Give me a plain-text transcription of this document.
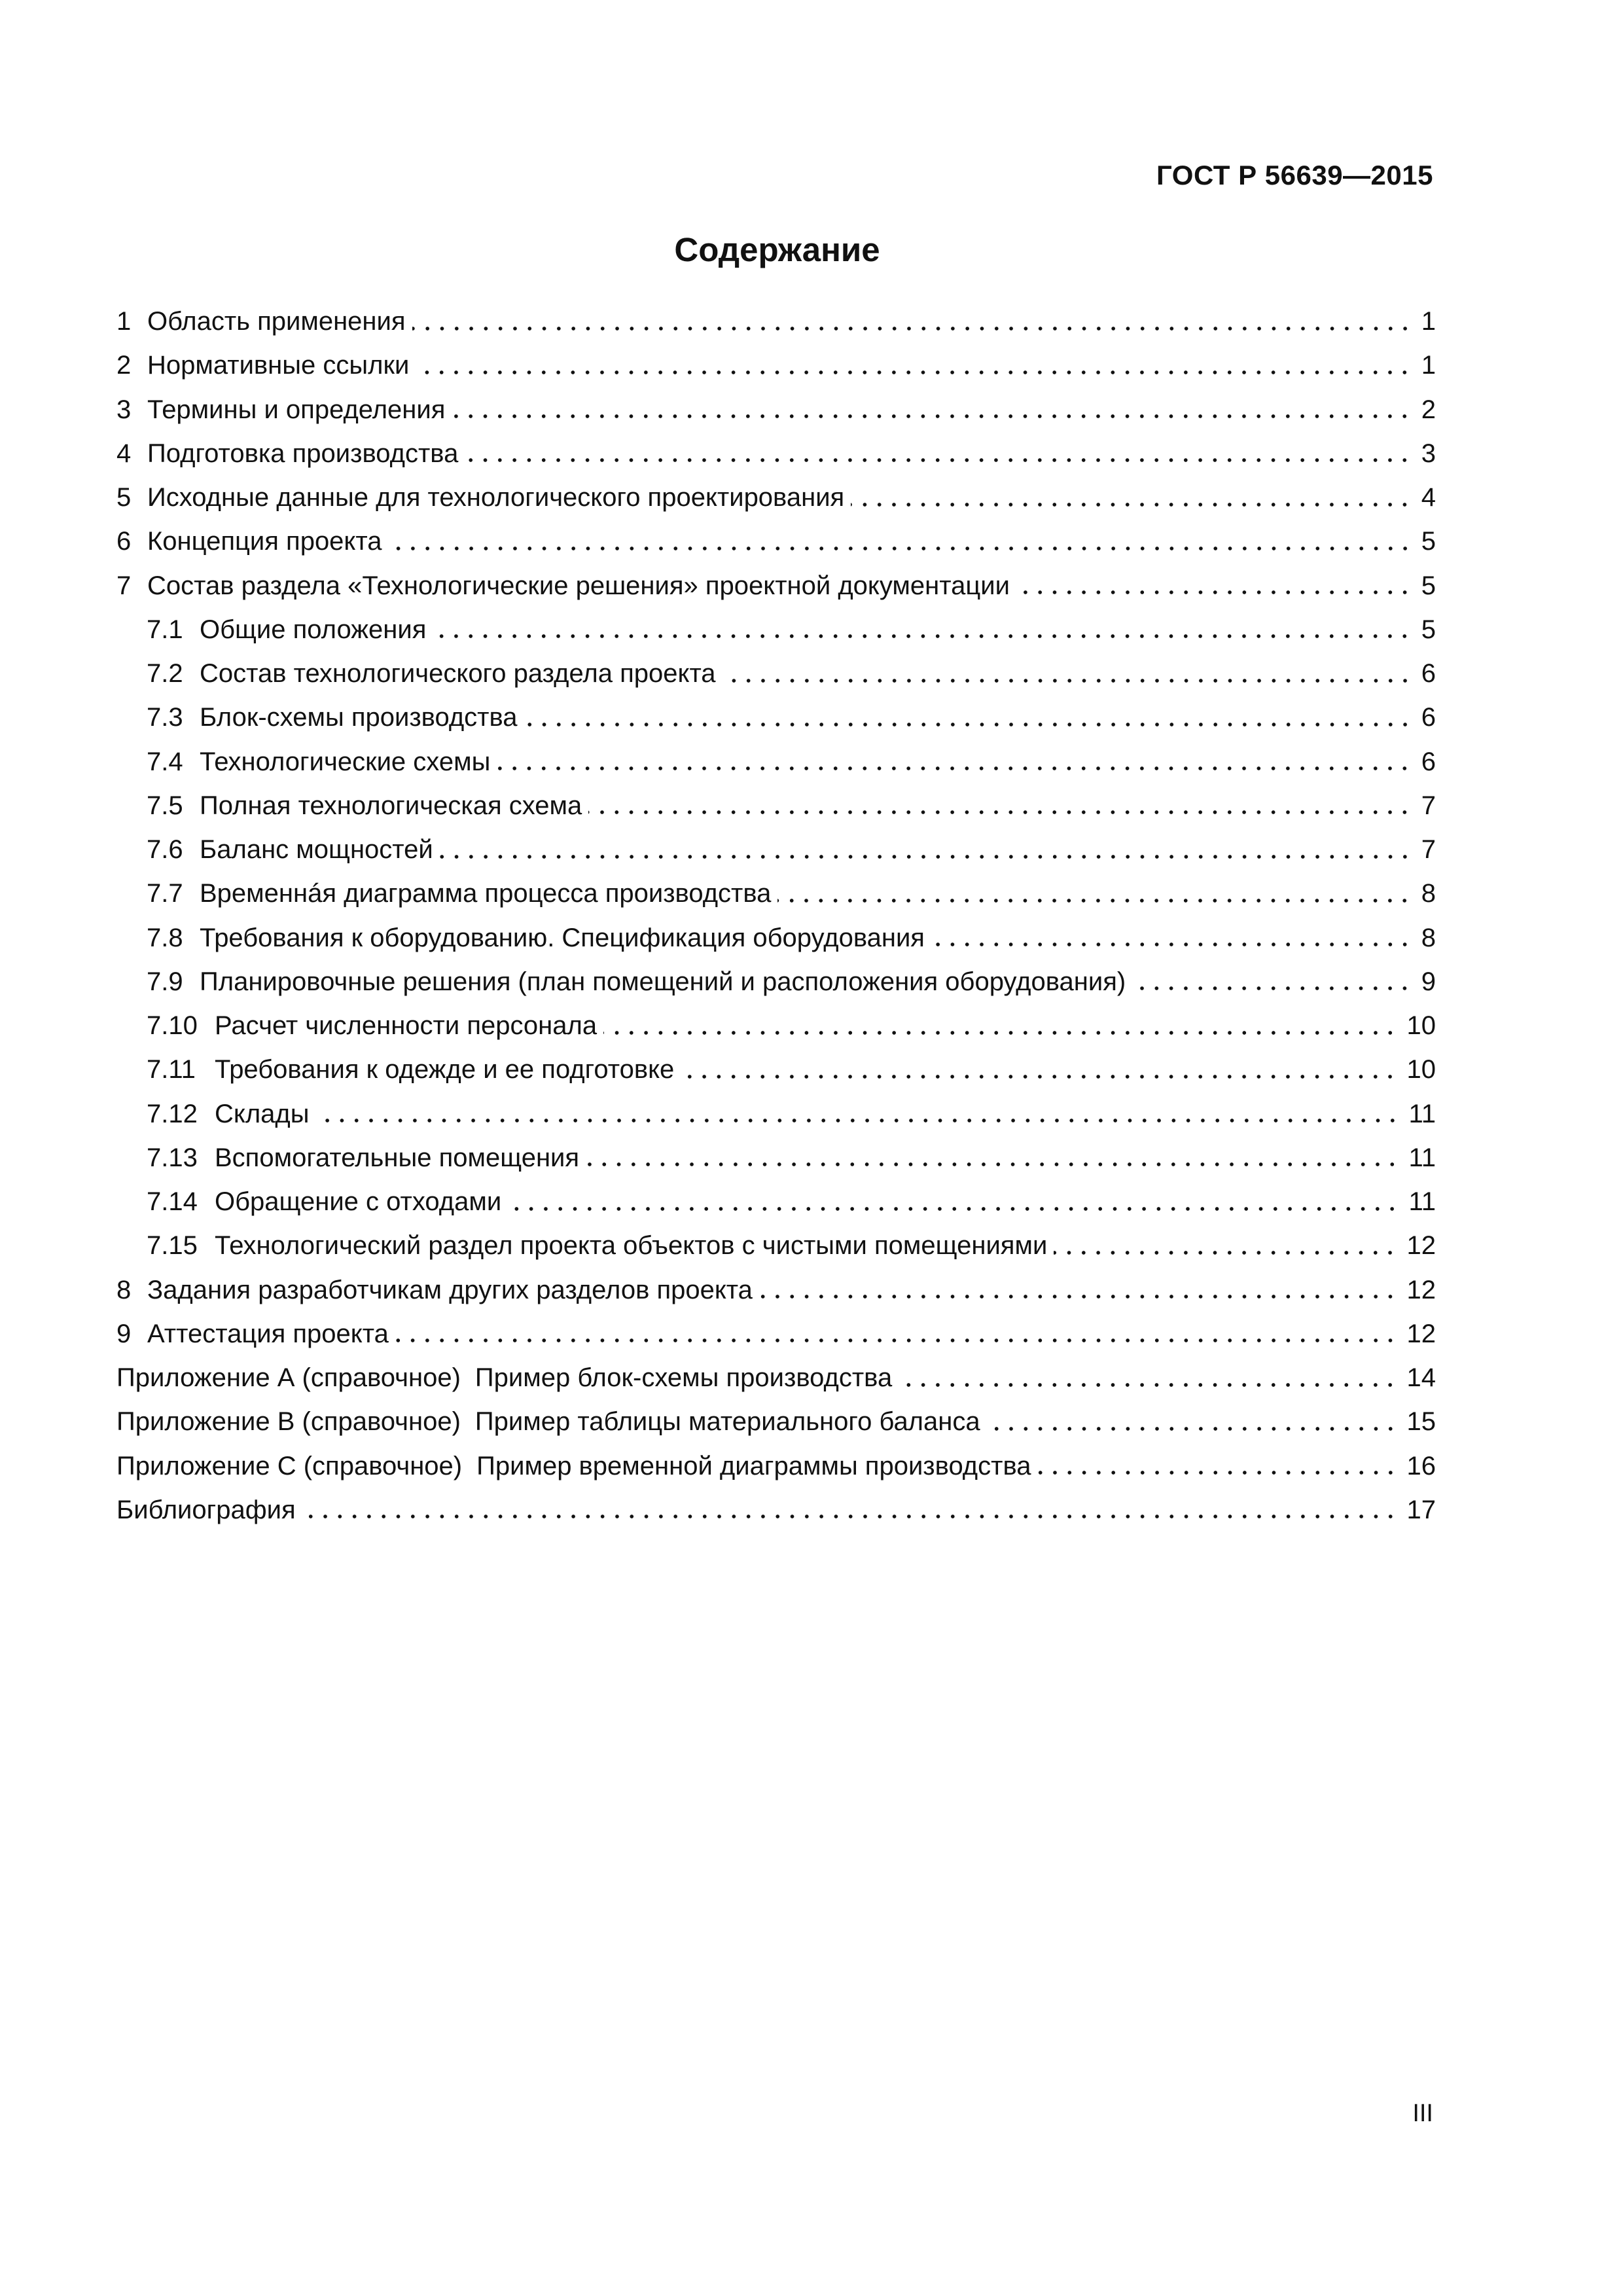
ГОСТ Р 56639—2015
Содержание
1 Область применения	1
2 Нормативные ссылки	1
3 Термины и определения	2
4 Подготовка производства	3
5 Исходные данные для технологического проектирования	4
6 Концепция проекта	5
7 Состав раздела «Технологические решения» проектной документации	5
7.1 Общие положения	5
7.2 Состав технологического раздела проекта	6
7.3 Блок-схемы производства	6
7.4 Технологические схемы	6
7.5 Полная технологическая схема	7
7.6 Баланс мощностей	7
7.7 Временнáя диаграмма процесса производства	8
7.8 Требования к оборудованию. Спецификация оборудования	8
7.9 Планировочные решения (план помещений и расположения оборудования)	9
7.10 Расчет численности персонала	10
7.11 Требования к одежде и ее подготовке	10
7.12 Склады	11
7.13 Вспомогательные помещения	11
7.14 Обращение с отходами	11
7.15 Технологический раздел проекта объектов с чистыми помещениями	12
8 Задания разработчикам других разделов проекта	12
9 Аттестация проекта	12
Приложение А (справочное) Пример блок-схемы производства	14
Приложение В (справочное) Пример таблицы материального баланса	15
Приложение С (справочное) Пример временной диаграммы производства	16
Библиография	17
III
